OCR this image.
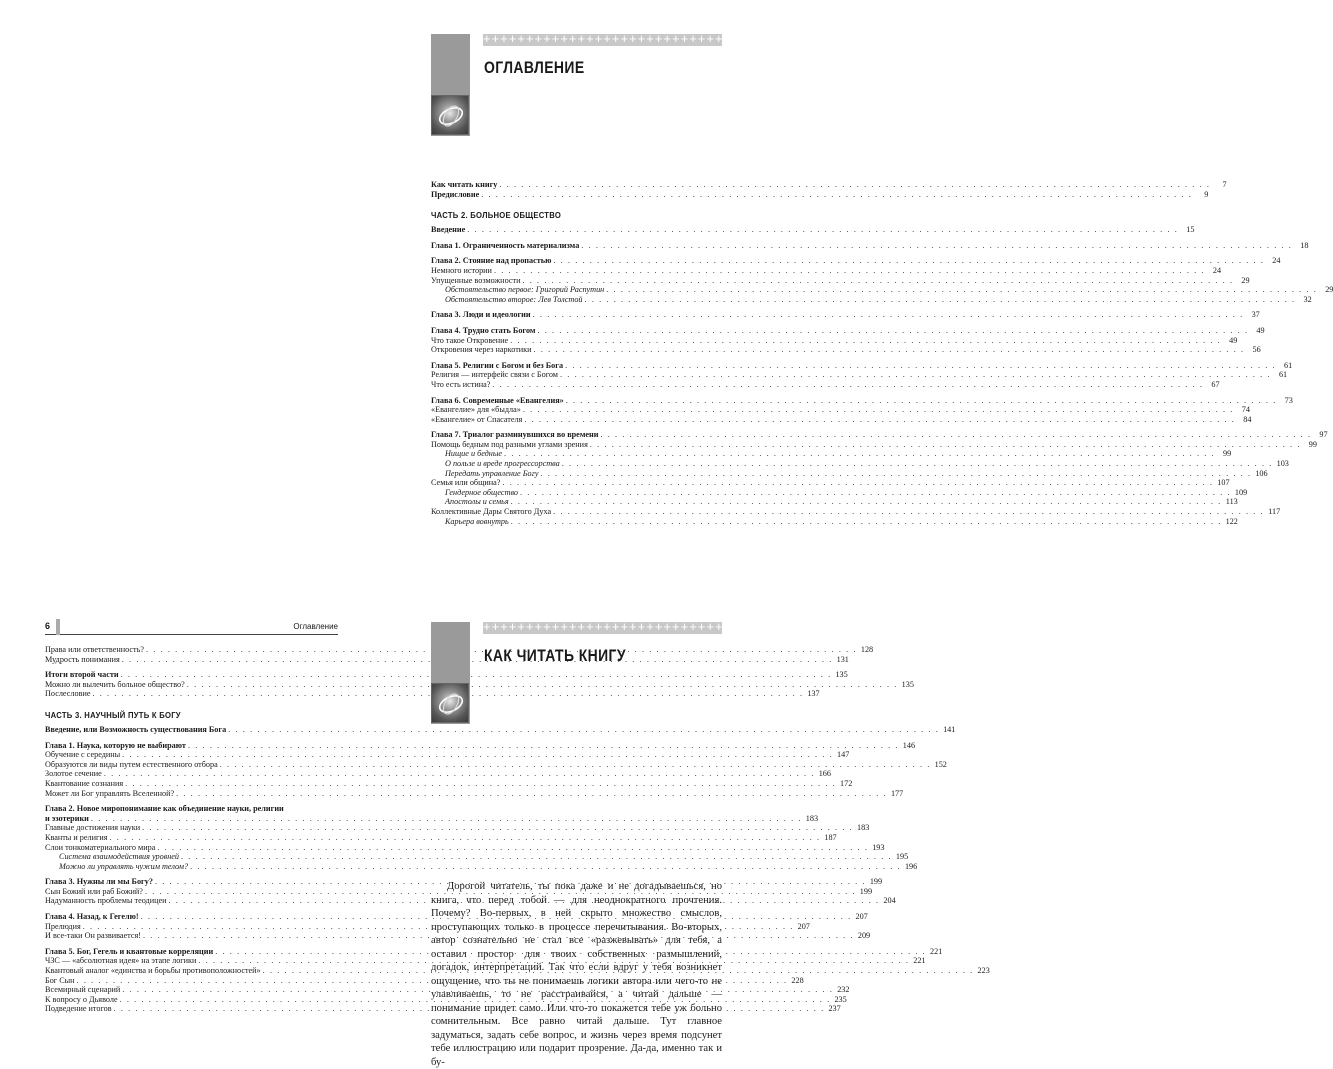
+++++++++++++++++++++++++++++++++++++++++++++++
ОГЛАВЛЕНИЕ
Как читать книгу . . .	7
Предисловие . . .	9
ЧАСТЬ 2. БОЛЬНОЕ ОБЩЕСТВО
Введение . . .	15
Глава 1. Ограниченность материализма . . .	18
Глава 2. Стояние над пропастью . . .	24
Немного истории . . .	24
Упущенные возможности . . .	29
Обстоятельство первое: Григорий Распутин . . .	29
Обстоятельство второе: Лев Толстой . . .	32
Глава 3. Люди и идеологии . . .	37
Глава 4. Трудно стать Богом . . .	49
Что такое Откровение . . .	49
Откровения через наркотики . . .	56
Глава 5. Религии с Богом и без Бога . . .	61
Религия — интерфейс связи с Богом . . .	61
Что есть истина? . . .	67
Глава 6. Современные «Евангелия» . . .	73
«Евангелие» для «быдла» . . .	74
«Евангелие» от Спасателя . . .	84
Глава 7. Триалог разминувшихся во времени . . .	97
Помощь бедным под разными углами зрения . . .	99
Нищие и бедные . . .	99
О пользе и вреде прогрессорства . . .	103
Передать управление Богу . . .	106
Семья или община? . . .	107
Гендерное общество . . .	109
Апостолы и семья . . .	113
Коллективные Дары Святого Духа . . .	117
Карьера вовнутрь . . .	122
6	Оглавление
Права или ответственность? . . .	128
Мудрость понимания . . .	131
Итоги второй части . . .	135
Можно ли вылечить больное общество? . . .	135
Послесловие . . .	137
ЧАСТЬ 3. НАУЧНЫЙ ПУТЬ К БОГУ
Введение, или Возможность существования Бога . . .	141
Глава 1. Наука, которую не выбирают . . .	146
Обучение с середины . . .	147
Образуются ли виды путем естественного отбора . . .	152
Золотое сечение . . .	166
Квантование сознания . . .	172
Может ли Бог управлять Вселенной? . . .	177
Глава 2. Новое миропонимание как объединение науки, религии
и эзотерики . . .	183
Главные достижения науки . . .	183
Кванты и религия . . .	187
Слои тонкоматериального мира . . .	193
Система взаимодействия уровней . . .	195
Можно ли управлять чужим телом? . . .	196
Глава 3. Нужны ли мы Богу? . . .	199
Сын Божий или раб Божий? . . .	199
Надуманность проблемы теодицеи . . .	204
Глава 4. Назад, к Гегелю! . . .	207
Прелюдия . . .	207
И все-таки Он развивается! . . .	209
Глава 5. Бог, Гегель и квантовые корреляции . . .	221
ЧЗС — «абсолютная идея» на этапе логики . . .	221
Квантовый аналог «единства и борьбы противоположностей» . . .	223
Бог Сын . . .	228
Всемирный сценарий . . .	232
К вопросу о Дьяволе . . .	235
Подведение итогов . . .	237
+++++++++++++++++++++++++++++++++++++++++++++++
КАК ЧИТАТЬ КНИГУ

Дорогой читатель, ты пока даже и не догадываешься, но книга, что перед тобой — для неоднократного прочтения. Почему? Во-первых, в ней скрыто множество смыслов, проступающих только в процессе перечитывания. Во-вторых, автор сознательно не стал все «разжевывать» для тебя, а оставил простор для твоих собственных размышлений, догадок, интерпретаций. Так что если вдруг у тебя возникнет ощущение, что ты не понимаешь логики автора или чего-то не улавливаешь, то не расстраивайся, а читай дальше — понимание придет само. Или что-то покажется тебе уж больно сомнительным. Все равно читай дальше. Тут главное задуматься, задать себе вопрос, и жизнь через время подсунет тебе иллюстрацию или подарит прозрение. Да-да, именно так и бу-
